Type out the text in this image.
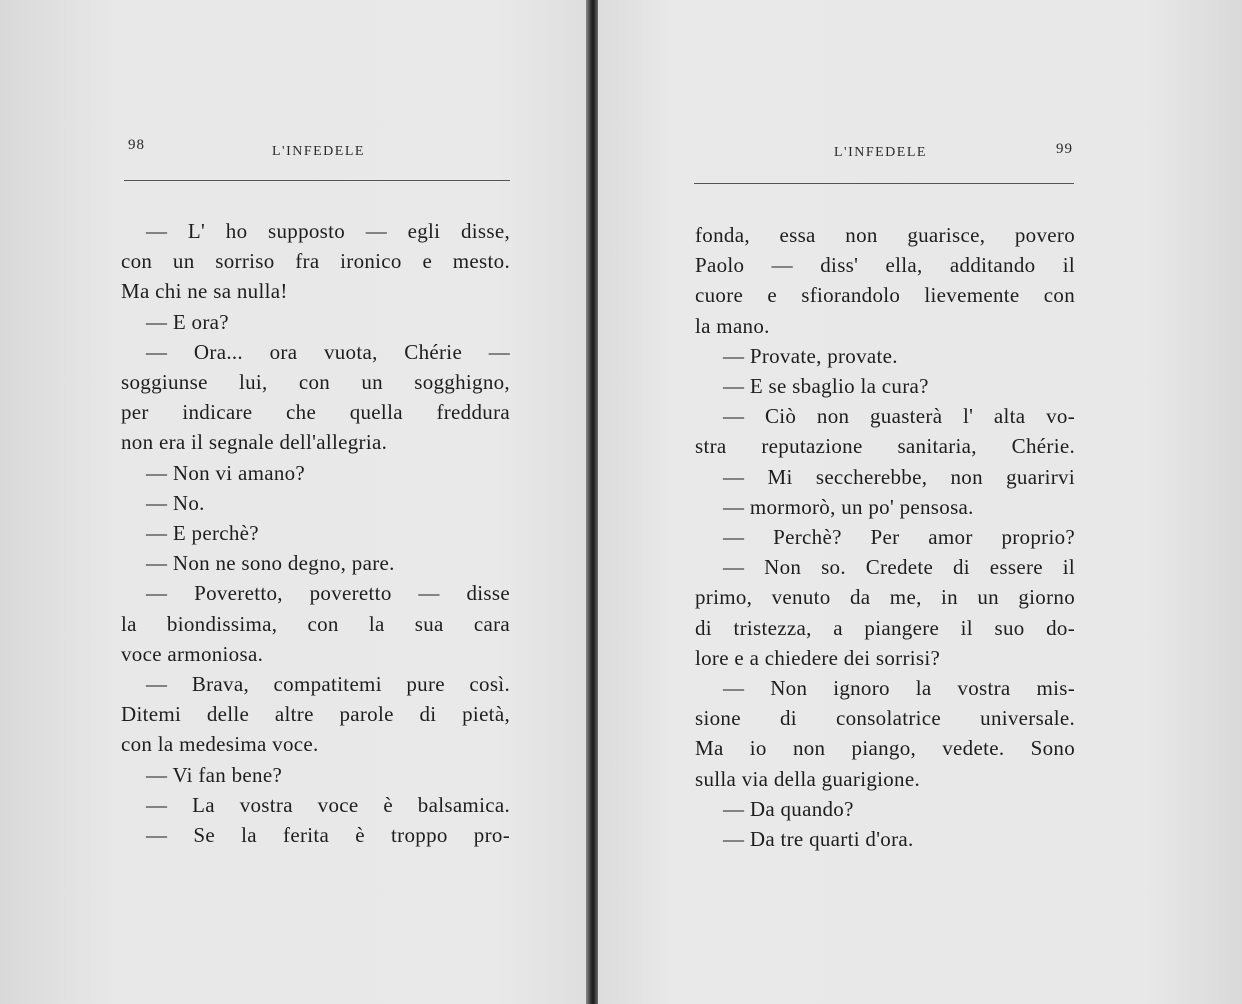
98	L'INFEDELE
— L' ho supposto — egli disse,
con un sorriso fra ironico e mesto.
Ma chi ne sa nulla!
— E ora?
— Ora... ora vuota, Chérie —
soggiunse lui, con un sogghigno,
per indicare che quella freddura
non era il segnale dell'allegria.
— Non vi amano?
— No.
— E perchè?
— Non ne sono degno, pare.
— Poveretto, poveretto — disse
la biondissima, con la sua cara
voce armoniosa.
— Brava, compatitemi pure così.
Ditemi delle altre parole di pietà,
con la medesima voce.
— Vi fan bene?
— La vostra voce è balsamica.
— Se la ferita è troppo pro-
L'INFEDELE	99
fonda, essa non guarisce, povero
Paolo — diss' ella, additando il
cuore e sfiorandolo lievemente con
la mano.
— Provate, provate.
— E se sbaglio la cura?
— Ciò non guasterà l' alta vo-
stra reputazione sanitaria, Chérie.
— Mi seccherebbe, non guarirvi
— mormorò, un po' pensosa.
— Perchè? Per amor proprio?
— Non so. Credete di essere il
primo, venuto da me, in un giorno
di tristezza, a piangere il suo do-
lore e a chiedere dei sorrisi?
— Non ignoro la vostra mis-
sione di consolatrice universale.
Ma io non piango, vedete. Sono
sulla via della guarigione.
— Da quando?
— Da tre quarti d'ora.
